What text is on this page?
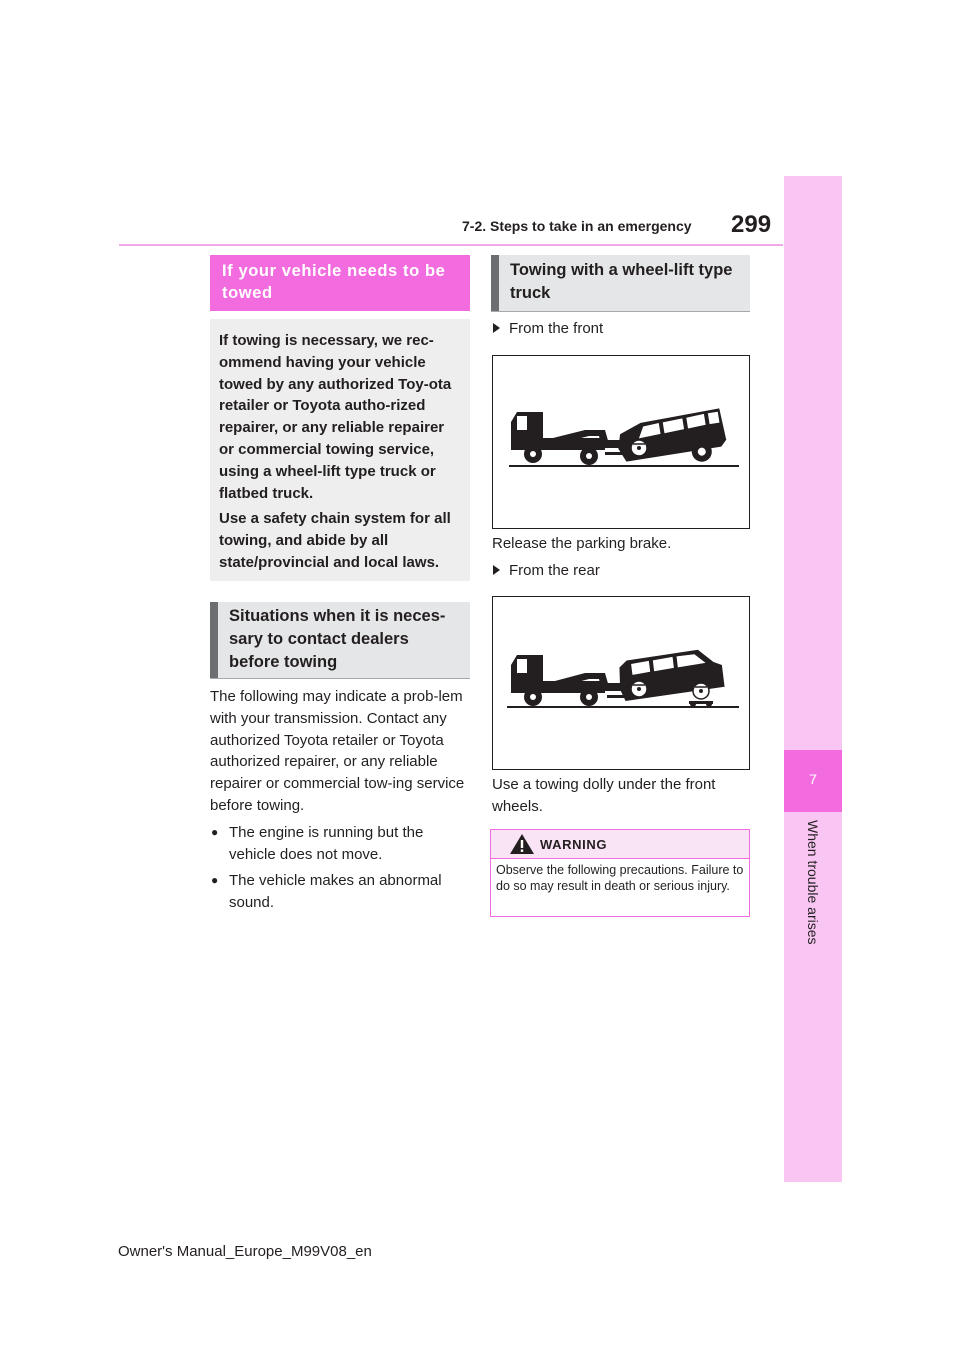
7-2. Steps to take in an emergency 299
7
When trouble arises
If your vehicle needs to be towed

If towing is necessary, we rec-ommend having your vehicle towed by any authorized Toy-ota retailer or Toyota autho-rized repairer, or any reliable repairer or commercial towing service, using a wheel-lift type truck or flatbed truck.

Use a safety chain system for all towing, and abide by all state/provincial and local laws.

Situations when it is neces-sary to contact dealers before towing
The following may indicate a prob-lem with your transmission. Contact any authorized Toyota retailer or Toyota authorized repairer, or any reliable repairer or commercial tow-ing service before towing.
● The engine is running but the
vehicle does not move.
● The vehicle makes an abnormal
sound.
Towing with a wheel-lift type truck
From the front
Release the parking brake.
From the rear
Use a towing dolly under the front wheels.
WARNING
Observe the following precautions. Failure to do so may result in death or serious injury.
Owner's Manual_Europe_M99V08_en
